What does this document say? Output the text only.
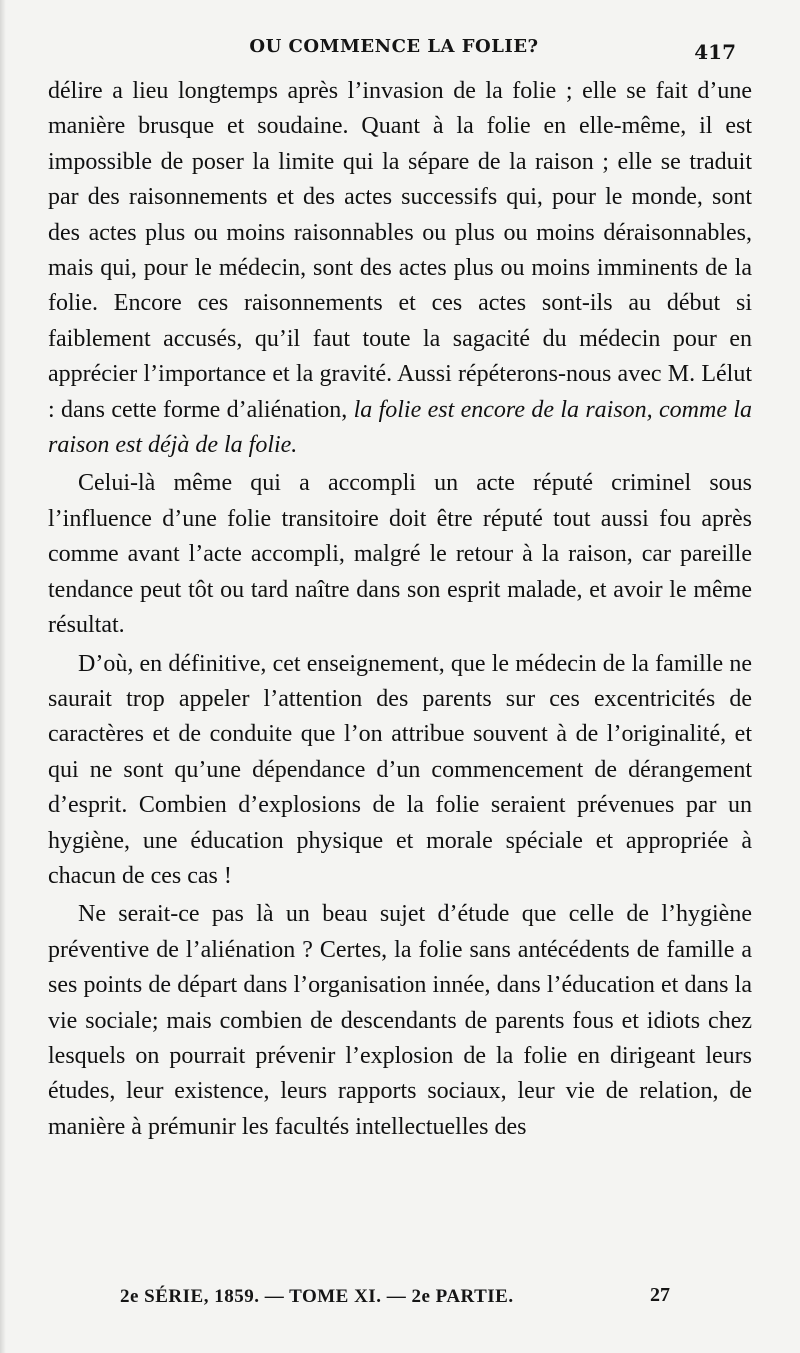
OU COMMENCE LA FOLIE?	417

délire a lieu longtemps après l’invasion de la folie ; elle se fait d’une manière brusque et soudaine. Quant à la folie en elle-même, il est impossible de poser la limite qui la sépare de la raison ; elle se traduit par des raisonnements et des actes successifs qui, pour le monde, sont des actes plus ou moins raisonnables ou plus ou moins déraisonnables, mais qui, pour le médecin, sont des actes plus ou moins imminents de la folie. Encore ces raisonnements et ces actes sont-ils au début si faiblement accusés, qu’il faut toute la sagacité du médecin pour en apprécier l’importance et la gravité. Aussi répéterons-nous avec M. Lélut : dans cette forme d’aliénation, la folie est encore de la raison, comme la raison est déjà de la folie.

Celui-là même qui a accompli un acte réputé criminel sous l’influence d’une folie transitoire doit être réputé tout aussi fou après comme avant l’acte accompli, malgré le retour à la raison, car pareille tendance peut tôt ou tard naître dans son esprit malade, et avoir le même résultat.

D’où, en définitive, cet enseignement, que le médecin de la famille ne saurait trop appeler l’attention des parents sur ces excentricités de caractères et de conduite que l’on attribue souvent à de l’originalité, et qui ne sont qu’une dépendance d’un commencement de dérangement d’esprit. Combien d’explosions de la folie seraient prévenues par un hygiène, une éducation physique et morale spéciale et appropriée à chacun de ces cas !

Ne serait-ce pas là un beau sujet d’étude que celle de l’hygiène préventive de l’aliénation ? Certes, la folie sans antécédents de famille a ses points de départ dans l’organisation innée, dans l’éducation et dans la vie sociale; mais combien de descendants de parents fous et idiots chez lesquels on pourrait prévenir l’explosion de la folie en dirigeant leurs études, leur existence, leurs rapports sociaux, leur vie de relation, de manière à prémunir les facultés intellectuelles des

2e SÉRIE, 1859. — TOME XI. — 2e PARTIE.	27
